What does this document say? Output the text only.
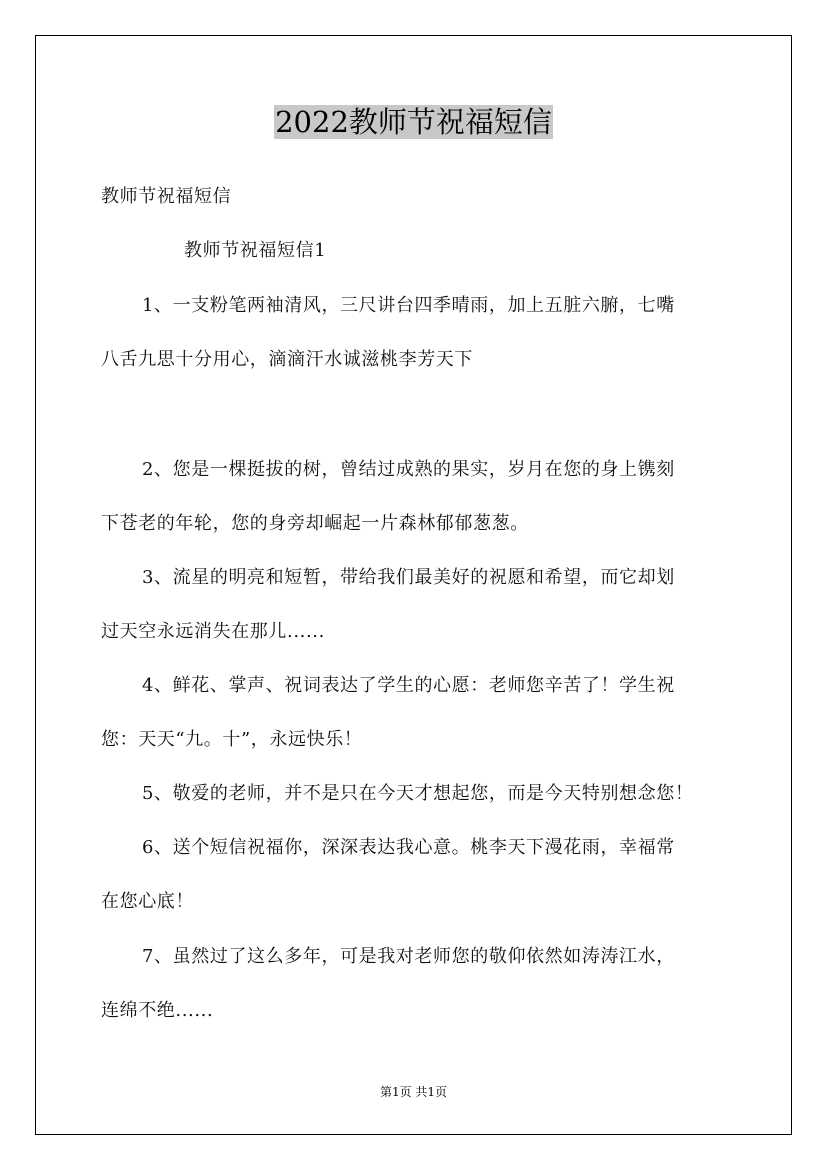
2022教师节祝福短信
教师节祝福短信
教师节祝福短信1
1、一支粉笔两袖清风，三尺讲台四季晴雨，加上五脏六腑，七嘴
八舌九思十分用心，滴滴汗水诚滋桃李芳天下
2、您是一棵挺拔的树，曾结过成熟的果实，岁月在您的身上镌刻
下苍老的年轮，您的身旁却崛起一片森林郁郁葱葱。
3、流星的明亮和短暂，带给我们最美好的祝愿和希望，而它却划
过天空永远消失在那儿......
4、鲜花、掌声、祝词表达了学生的心愿：老师您辛苦了！学生祝
您：天天“九。十”，永远快乐！
5、敬爱的老师，并不是只在今天才想起您，而是今天特别想念您！
6、送个短信祝福你，深深表达我心意。桃李天下漫花雨，幸福常
在您心底！
7、虽然过了这么多年，可是我对老师您的敬仰依然如涛涛江水，
连绵不绝......
第1页 共1页
